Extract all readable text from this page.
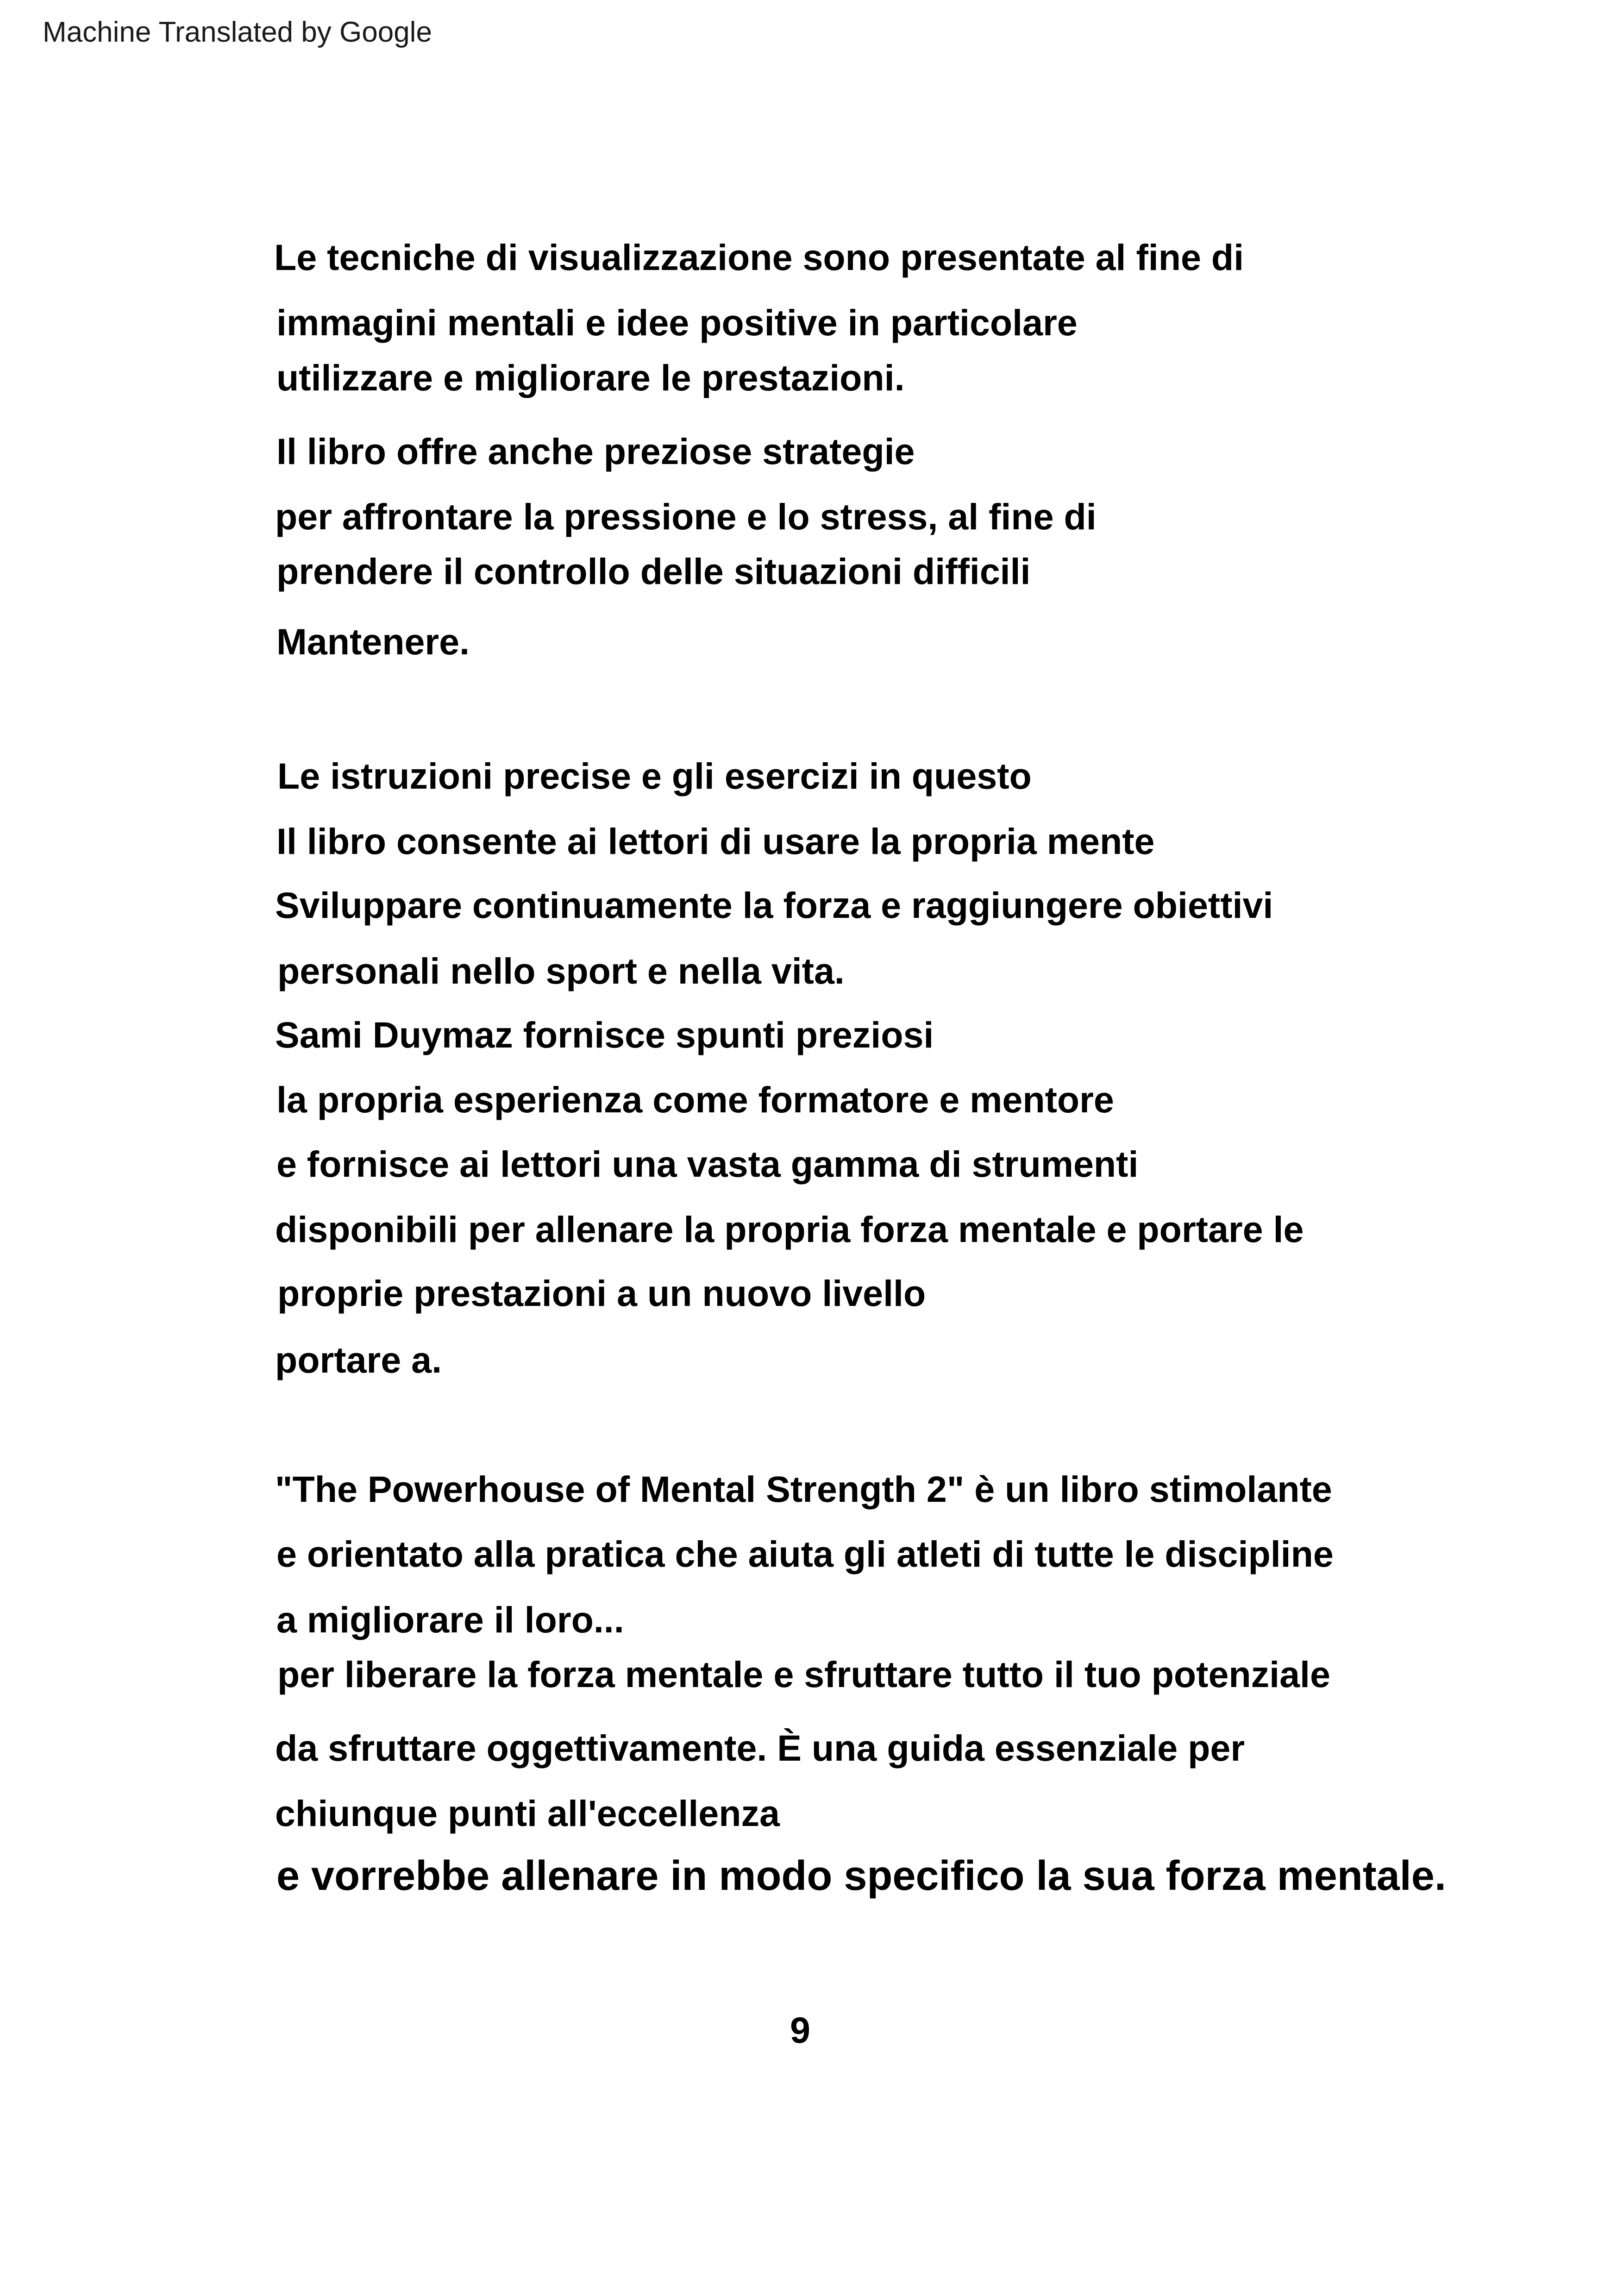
Machine Translated by Google
Le tecniche di visualizzazione sono presentate al fine di
immagini mentali e idee positive in particolare
utilizzare e migliorare le prestazioni.
Il libro offre anche preziose strategie
per affrontare la pressione e lo stress, al fine di
prendere il controllo delle situazioni difficili
Mantenere.
Le istruzioni precise e gli esercizi in questo
Il libro consente ai lettori di usare la propria mente
Sviluppare continuamente la forza e raggiungere obiettivi
personali nello sport e nella vita.
Sami Duymaz fornisce spunti preziosi
la propria esperienza come formatore e mentore
e fornisce ai lettori una vasta gamma di strumenti
disponibili per allenare la propria forza mentale e portare le
proprie prestazioni a un nuovo livello
portare a.
"The Powerhouse of Mental Strength 2" è un libro stimolante
e orientato alla pratica che aiuta gli atleti di tutte le discipline
a migliorare il loro...
per liberare la forza mentale e sfruttare tutto il tuo potenziale
da sfruttare oggettivamente. È una guida essenziale per
chiunque punti all'eccellenza
e vorrebbe allenare in modo specifico la sua forza mentale.
9
